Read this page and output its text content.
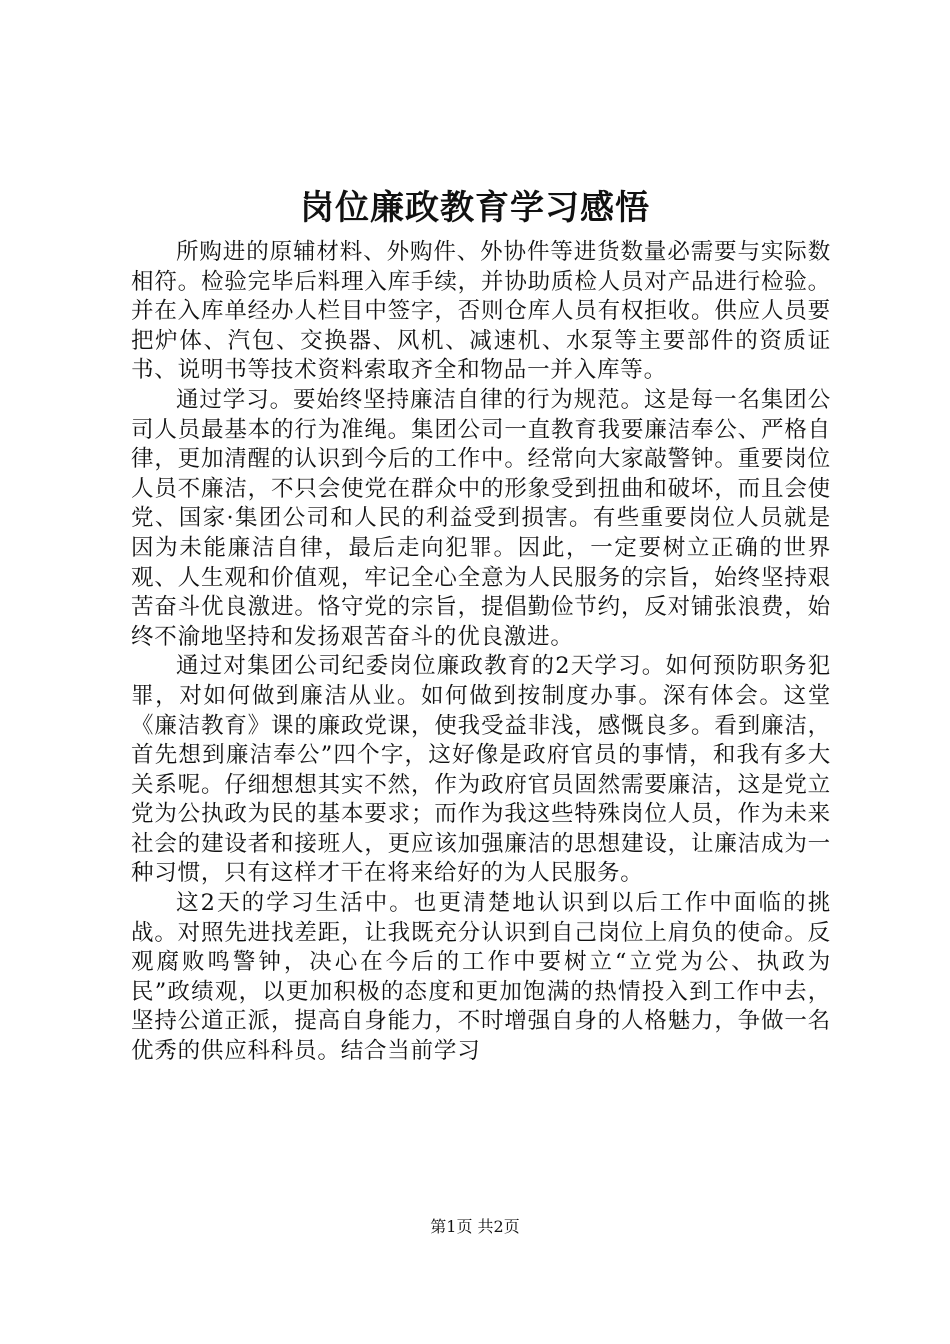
岗位廉政教育学习感悟

所购进的原辅材料、外购件、外协件等进货数量必需要与实际数相符。检验完毕后料理入库手续，并协助质检人员对产品进行检验。并在入库单经办人栏目中签字，否则仓库人员有权拒收。供应人员要把炉体、汽包、交换器、风机、减速机、水泵等主要部件的资质证书、说明书等技术资料索取齐全和物品一并入库等。

通过学习。要始终坚持廉洁自律的行为规范。这是每一名集团公司人员最基本的行为准绳。集团公司一直教育我要廉洁奉公、严格自律，更加清醒的认识到今后的工作中。经常向大家敲警钟。重要岗位人员不廉洁，不只会使党在群众中的形象受到扭曲和破坏，而且会使党、国家·集团公司和人民的利益受到损害。有些重要岗位人员就是因为未能廉洁自律，最后走向犯罪。因此，一定要树立正确的世界观、人生观和价值观，牢记全心全意为人民服务的宗旨，始终坚持艰苦奋斗优良激进。恪守党的宗旨，提倡勤俭节约，反对铺张浪费，始终不渝地坚持和发扬艰苦奋斗的优良激进。

通过对集团公司纪委岗位廉政教育的2天学习。如何预防职务犯罪，对如何做到廉洁从业。如何做到按制度办事。深有体会。这堂《廉洁教育》课的廉政党课，使我受益非浅，感慨良多。看到廉洁，首先想到廉洁奉公”四个字，这好像是政府官员的事情，和我有多大关系呢。仔细想想其实不然，作为政府官员固然需要廉洁，这是党立党为公执政为民的基本要求；而作为我这些特殊岗位人员，作为未来社会的建设者和接班人，更应该加强廉洁的思想建设，让廉洁成为一种习惯，只有这样才干在将来给好的为人民服务。

这2天的学习生活中。也更清楚地认识到以后工作中面临的挑战。对照先进找差距，让我既充分认识到自己岗位上肩负的使命。反观腐败鸣警钟，决心在今后的工作中要树立“立党为公、执政为民”政绩观，以更加积极的态度和更加饱满的热情投入到工作中去，坚持公道正派，提高自身能力，不时增强自身的人格魅力，争做一名优秀的供应科科员。结合当前学习

第1页 共2页
